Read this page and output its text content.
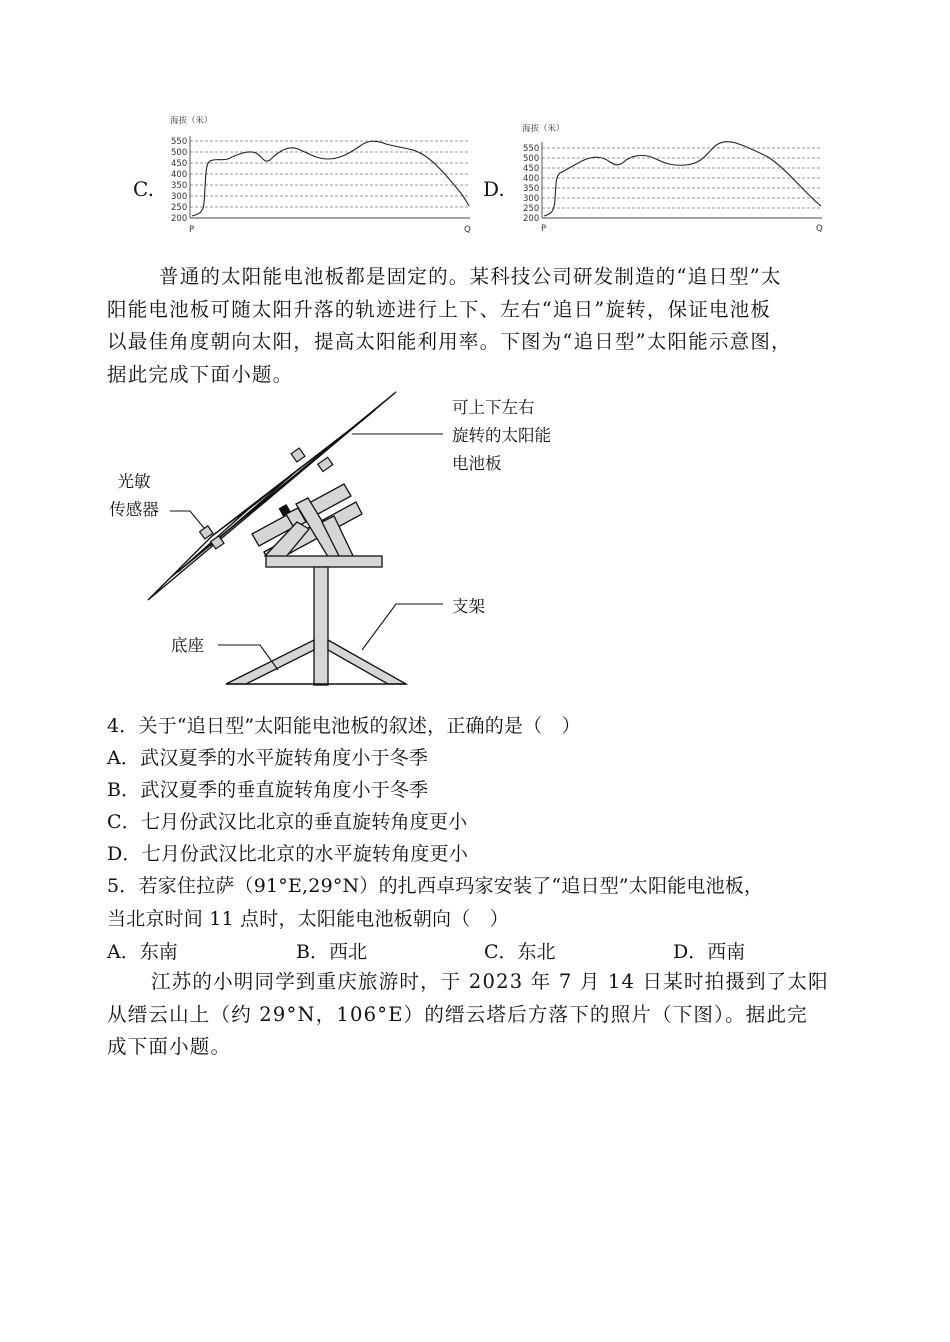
C.
海拔（米）
550
500
450
400
350
300
250
200
P	Q
D.
海拔（米）
550
500
450
400
350
300
250
200
P	Q
普通的太阳能电池板都是固定的。某科技公司研发制造的“追日型”太
阳能电池板可随太阳升落的轨迹进行上下、左右“追日”旋转，保证电池板
以最佳角度朝向太阳，提高太阳能利用率。下图为“追日型”太阳能示意图，
据此完成下面小题。
可上下左右
旋转的太阳能
电池板
光敏
传感器
支架
底座
4．关于“追日型”太阳能电池板的叙述，正确的是（　）
A．武汉夏季的水平旋转角度小于冬季
B．武汉夏季的垂直旋转角度小于冬季
C．七月份武汉比北京的垂直旋转角度更小
D．七月份武汉比北京的水平旋转角度更小
5．若家住拉萨（91°E,29°N）的扎西卓玛家安装了“追日型”太阳能电池板，
当北京时间 11 点时，太阳能电池板朝向（　）
A．东南	B．西北	C．东北	D．西南
江苏的小明同学到重庆旅游时，于 2023 年 7 月 14 日某时拍摄到了太阳
从缙云山上（约 29°N，106°E）的缙云塔后方落下的照片（下图）。据此完
成下面小题。
